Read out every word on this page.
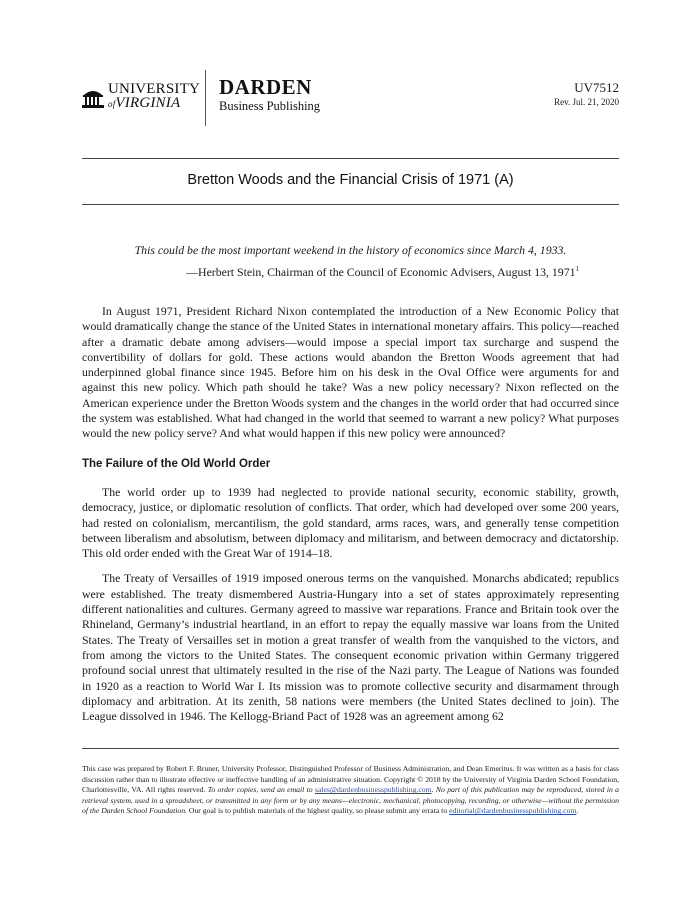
UNIVERSITY
ofVIRGINIA
DARDEN
Business Publishing
UV7512
Rev. Jul. 21, 2020
Bretton Woods and the Financial Crisis of 1971 (A)
This could be the most important weekend in the history of economics since March 4, 1933.
—Herbert Stein, Chairman of the Council of Economic Advisers, August 13, 1971$^1$

In August 1971, President Richard Nixon contemplated the introduction of a New Economic Policy that would dramatically change the stance of the United States in international monetary affairs. This policy—reached after a dramatic debate among advisers—would impose a special import tax surcharge and suspend the convertibility of dollars for gold. These actions would abandon the Bretton Woods agreement that had underpinned global finance since 1945. Before him on his desk in the Oval Office were arguments for and against this new policy. Which path should he take? Was a new policy necessary? Nixon reflected on the American experience under the Bretton Woods system and the changes in the world order that had occurred since the system was established. What had changed in the world that seemed to warrant a new policy? What purposes would the new policy serve? And what would happen if this new policy were announced?

The Failure of the Old World Order

The world order up to 1939 had neglected to provide national security, economic stability, growth, democracy, justice, or diplomatic resolution of conflicts. That order, which had developed over some 200 years, had rested on colonialism, mercantilism, the gold standard, arms races, wars, and generally tense competition between liberalism and absolutism, between diplomacy and militarism, and between democracy and dictatorship. This old order ended with the Great War of 1914–18.

The Treaty of Versailles of 1919 imposed onerous terms on the vanquished. Monarchs abdicated; republics were established. The treaty dismembered Austria-Hungary into a set of states approximately representing different nationalities and cultures. Germany agreed to massive war reparations. France and Britain took over the Rhineland, Germany’s industrial heartland, in an effort to repay the equally massive war loans from the United States. The Treaty of Versailles set in motion a great transfer of wealth from the vanquished to the victors, and from among the victors to the United States. The consequent economic privation within Germany triggered profound social unrest that ultimately resulted in the rise of the Nazi party. The League of Nations was founded in 1920 as a reaction to World War I. Its mission was to promote collective security and disarmament through diplomacy and arbitration. At its zenith, 58 nations were members (the United States declined to join). The League dissolved in 1946. The Kellogg-Briand Pact of 1928 was an agreement among 62

This case was prepared by Robert F. Bruner, University Professor, Distinguished Professor of Business Administration, and Dean Emeritus. It was written as a basis for class discussion rather than to illustrate effective or ineffective handling of an administrative situation. Copyright © 2018 by the University of Virginia Darden School Foundation, Charlottesville, VA. All rights reserved. To order copies, send an email to sales@dardenbusinesspublishing.com. No part of this publication may be reproduced, stored in a retrieval system, used in a spreadsheet, or transmitted in any form or by any means—electronic, mechanical, photocopying, recording, or otherwise—without the permission of the Darden School Foundation. Our goal is to publish materials of the highest quality, so please submit any errata to editorial@dardenbusinesspublishing.com.
